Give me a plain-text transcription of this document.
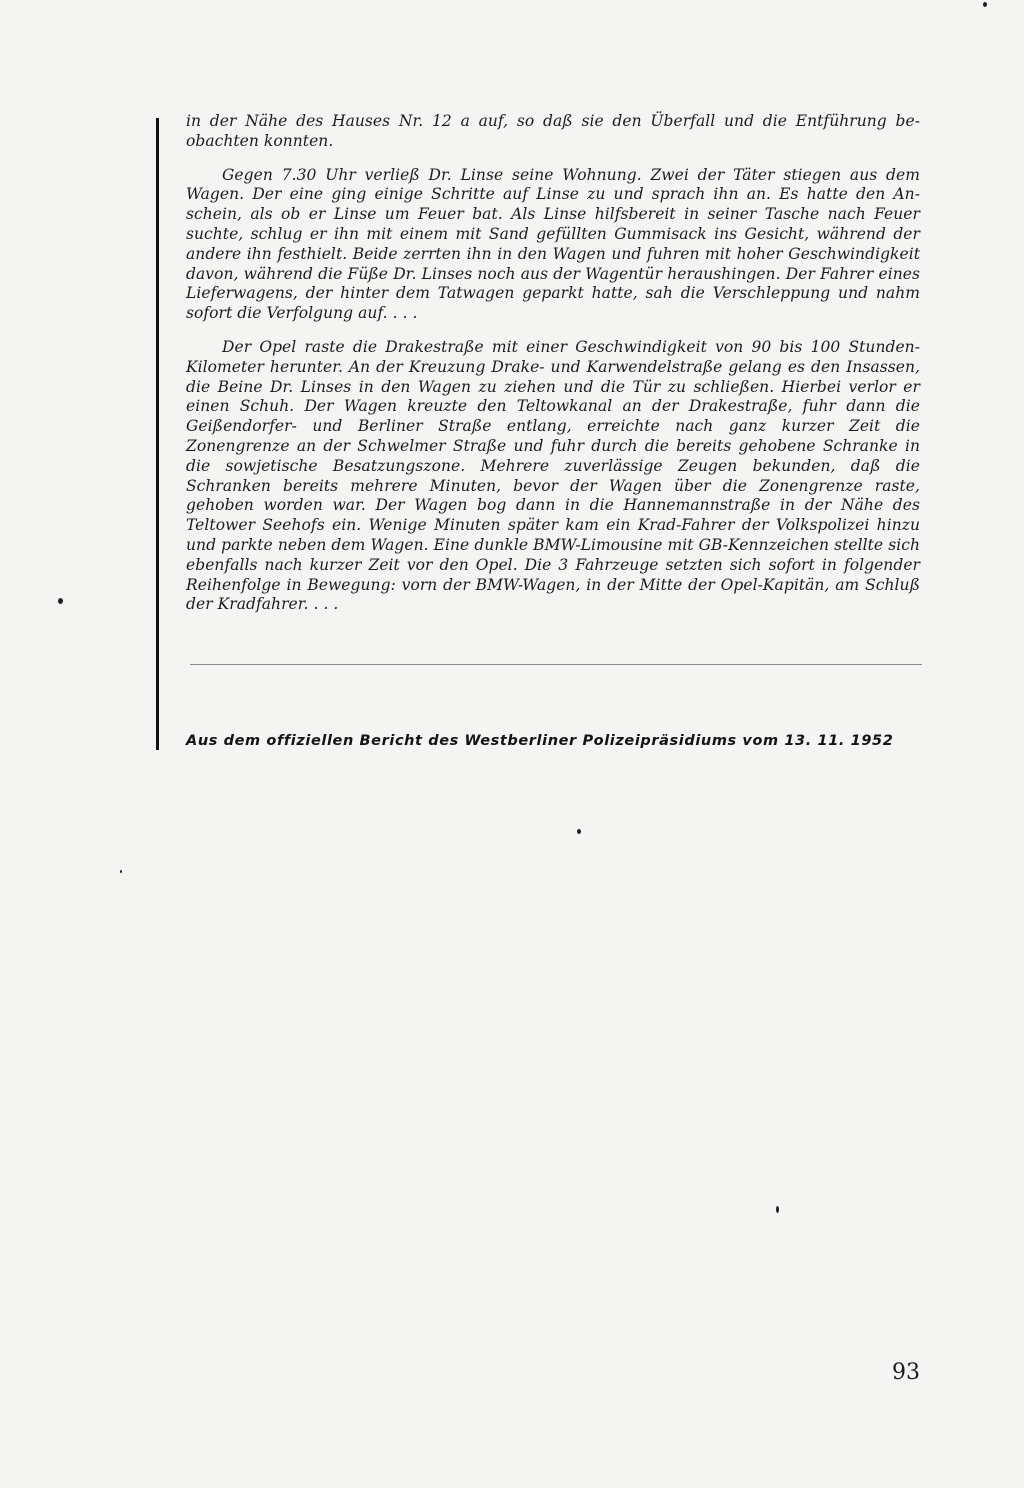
in der Nähe des Hauses Nr. 12 a auf, so daß sie den Überfall und die Entführung be-obachten konnten.

Gegen 7.30 Uhr verließ Dr. Linse seine Wohnung. Zwei der Täter stiegen aus dem Wagen. Der eine ging einige Schritte auf Linse zu und sprach ihn an. Es hatte den An-schein, als ob er Linse um Feuer bat. Als Linse hilfsbereit in seiner Tasche nach Feuer suchte, schlug er ihn mit einem mit Sand gefüllten Gummisack ins Gesicht, während der andere ihn festhielt. Beide zerrten ihn in den Wagen und fuhren mit hoher Geschwindigkeit davon, während die Füße Dr. Linses noch aus der Wagentür heraushingen. Der Fahrer eines Lieferwagens, der hinter dem Tatwagen geparkt hatte, sah die Verschleppung und nahm sofort die Verfolgung auf. . . .

Der Opel raste die Drakestraße mit einer Geschwindigkeit von 90 bis 100 Stunden-Kilometer herunter. An der Kreuzung Drake- und Karwendelstraße gelang es den Insassen, die Beine Dr. Linses in den Wagen zu ziehen und die Tür zu schließen. Hierbei verlor er einen Schuh. Der Wagen kreuzte den Teltowkanal an der Drakestraße, fuhr dann die Geißendorfer- und Berliner Straße entlang, erreichte nach ganz kurzer Zeit die Zonengrenze an der Schwelmer Straße und fuhr durch die bereits gehobene Schranke in die sowjetische Besatzungszone. Mehrere zuverlässige Zeugen bekunden, daß die Schranken bereits mehrere Minuten, bevor der Wagen über die Zonengrenze raste, gehoben worden war. Der Wagen bog dann in die Hannemannstraße in der Nähe des Teltower Seehofs ein. Wenige Minuten später kam ein Krad-Fahrer der Volkspolizei hinzu und parkte neben dem Wagen. Eine dunkle BMW-Limousine mit GB-Kennzeichen stellte sich ebenfalls nach kurzer Zeit vor den Opel. Die 3 Fahrzeuge setzten sich sofort in folgender Reihenfolge in Bewegung: vorn der BMW-Wagen, in der Mitte der Opel-Kapitän, am Schluß der Kradfahrer. . . .

Aus dem offiziellen Bericht des Westberliner Polizeipräsidiums vom 13. 11. 1952
93
